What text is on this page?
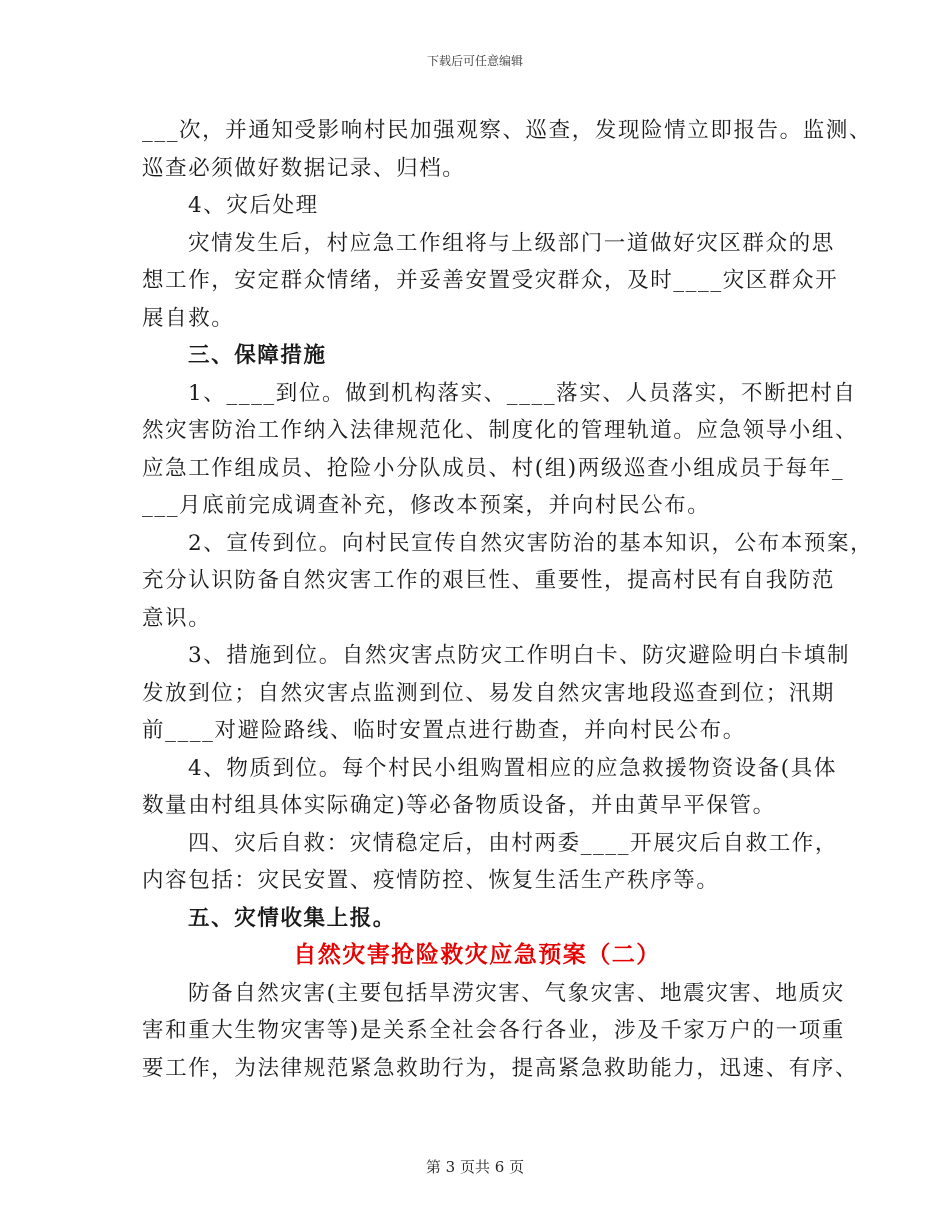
下载后可任意编辑
___次，并通知受影响村民加强观察、巡查，发现险情立即报告。监测、
巡查必须做好数据记录、归档。
4、灾后处理
灾情发生后，村应急工作组将与上级部门一道做好灾区群众的思
想工作，安定群众情绪，并妥善安置受灾群众，及时____灾区群众开
展自救。
三、保障措施
1、____到位。做到机构落实、____落实、人员落实，不断把村自
然灾害防治工作纳入法律规范化、制度化的管理轨道。应急领导小组、
应急工作组成员、抢险小分队成员、村(组)两级巡查小组成员于每年_
___月底前完成调查补充，修改本预案，并向村民公布。
2、宣传到位。向村民宣传自然灾害防治的基本知识，公布本预案，
充分认识防备自然灾害工作的艰巨性、重要性，提高村民有自我防范
意识。
3、措施到位。自然灾害点防灾工作明白卡、防灾避险明白卡填制
发放到位；自然灾害点监测到位、易发自然灾害地段巡查到位；汛期
前____对避险路线、临时安置点进行勘查，并向村民公布。
4、物质到位。每个村民小组购置相应的应急救援物资设备(具体
数量由村组具体实际确定)等必备物质设备，并由黄早平保管。
四、灾后自救：灾情稳定后，由村两委____开展灾后自救工作，
内容包括：灾民安置、疫情防控、恢复生活生产秩序等。
五、灾情收集上报。
自然灾害抢险救灾应急预案（二）
防备自然灾害(主要包括旱涝灾害、气象灾害、地震灾害、地质灾
害和重大生物灾害等)是关系全社会各行各业，涉及千家万户的一项重
要工作，为法律规范紧急救助行为，提高紧急救助能力，迅速、有序、
第 3 页共 6 页
